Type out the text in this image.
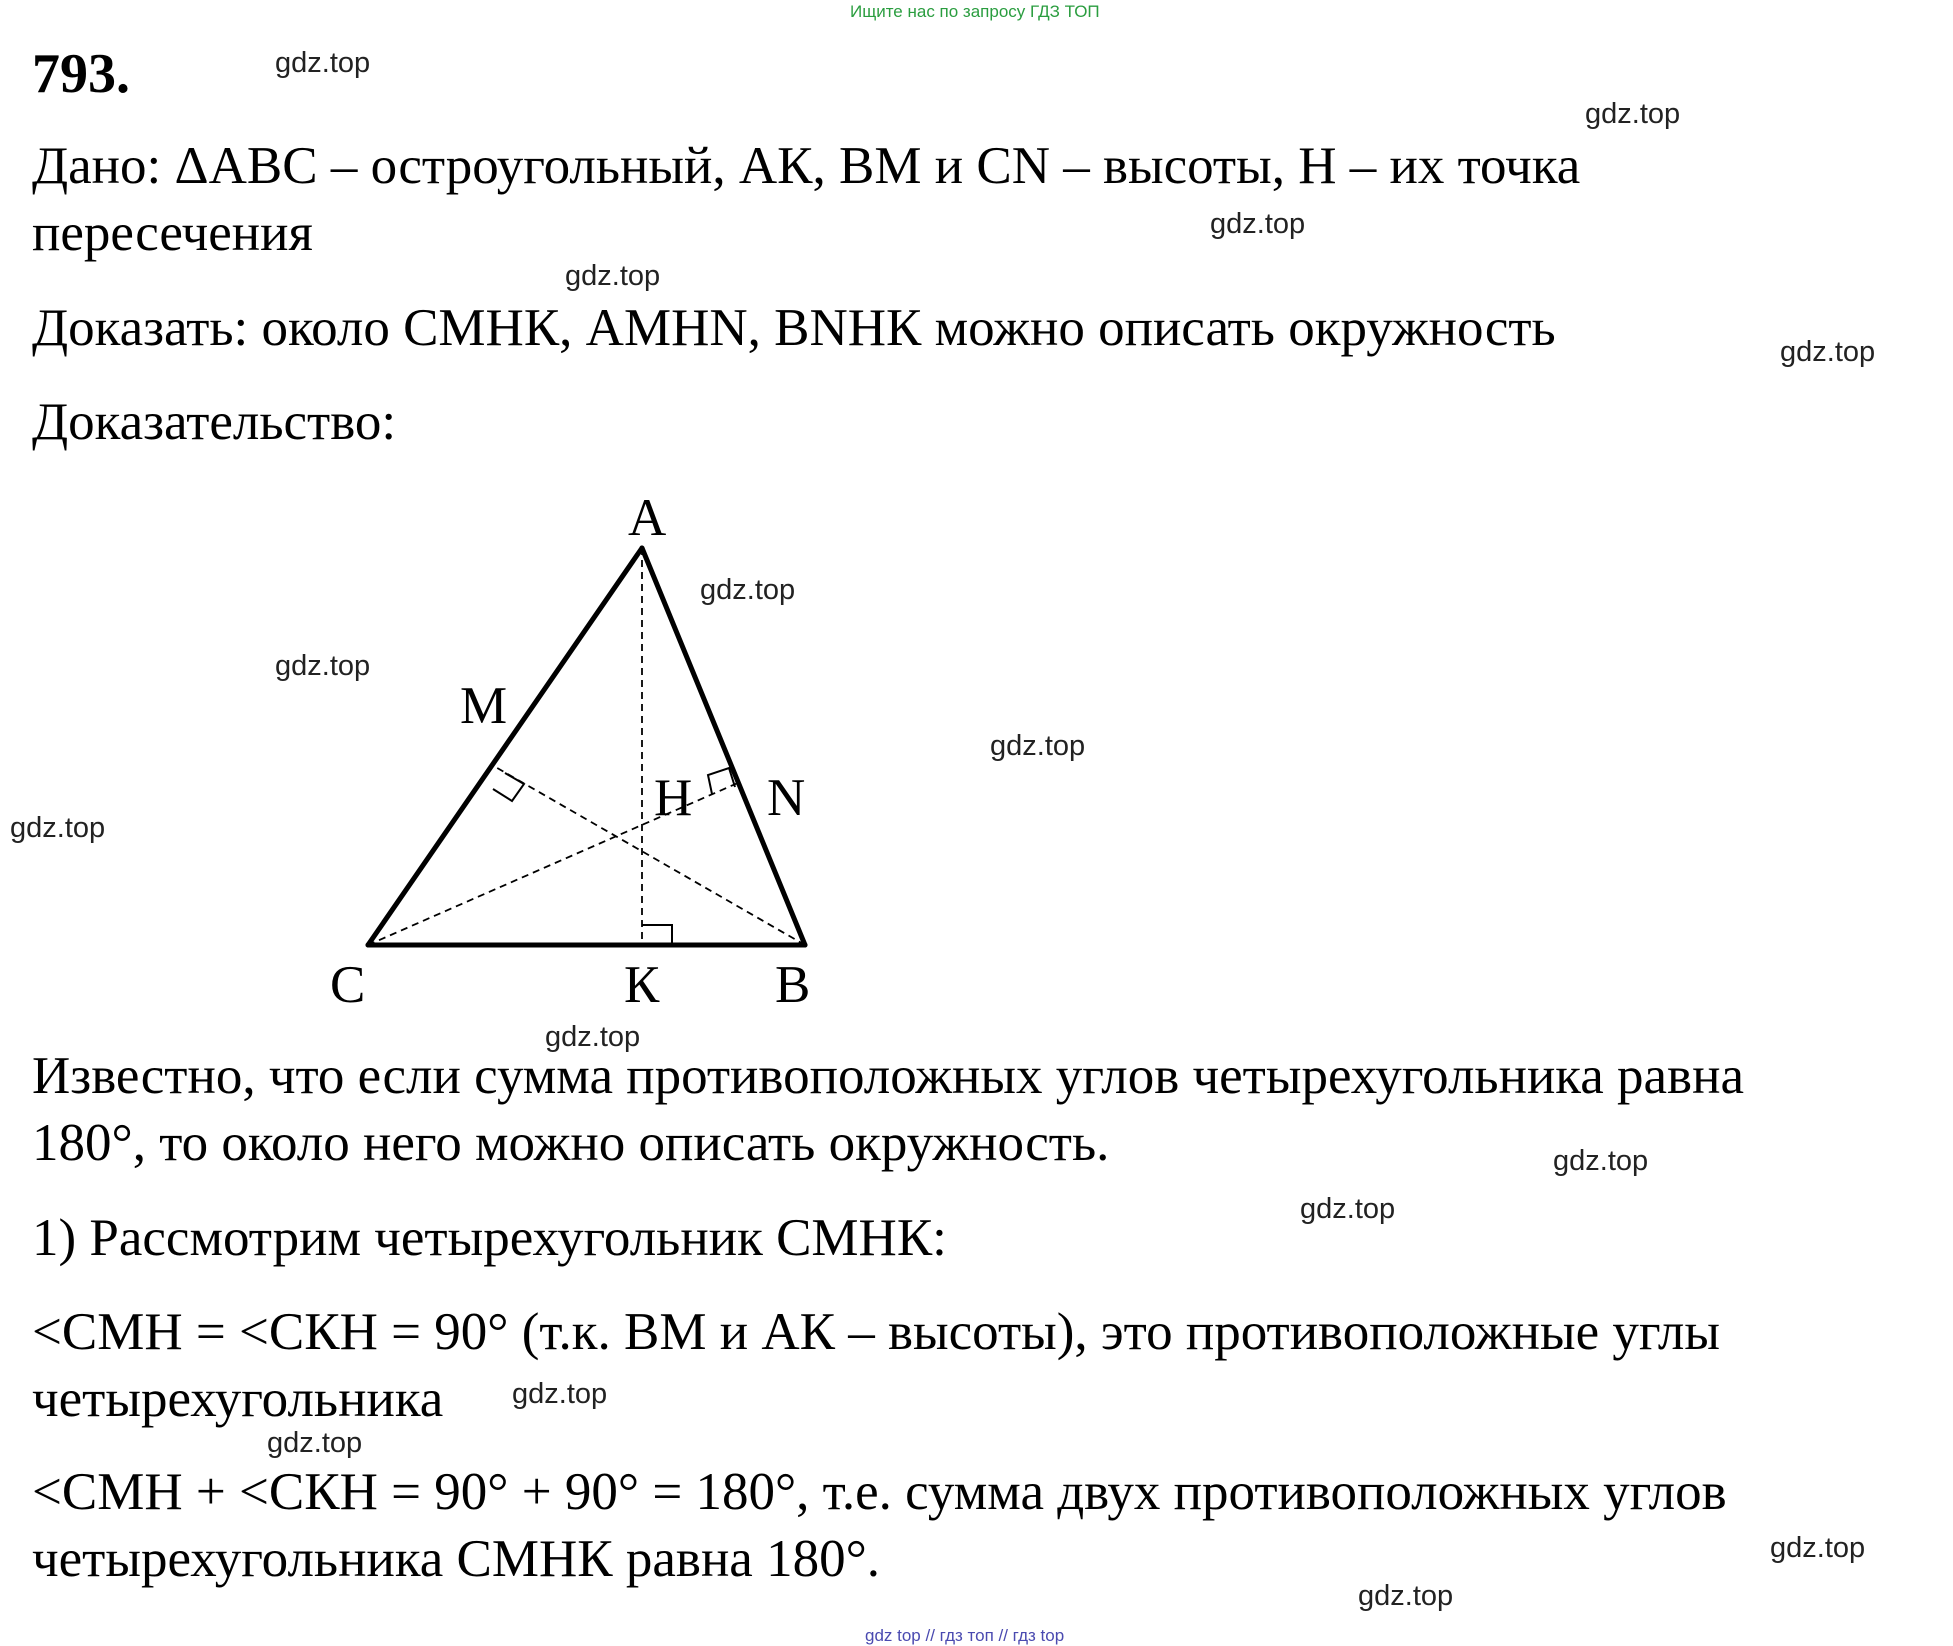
Ищите нас по запросу ГДЗ ТОП
793.
Дано: ΔАВС – остроугольный, АК, ВМ и СN – высоты, Н – их точка
пересечения
Доказать: около СМНК, АМНN, ВNНК можно описать окружность
Доказательство:
A
M
H N
C	К B
Известно, что если сумма противоположных углов четырехугольника равна
180°, то около него можно описать окружность.
1) Рассмотрим четырехугольник СМНК:
<СМН = <СКН = 90° (т.к. ВМ и АК – высоты), это противоположные углы
четырехугольника
<СМН + <СКН = 90° + 90° = 180°, т.е. сумма двух противоположных углов
четырехугольника СМНК равна 180°.
gdz.top
gdz.top
gdz.top
gdz.top
gdz.top
gdz.top
gdz.top
gdz.top
gdz.top
gdz.top
gdz.top
gdz.top
gdz.top
gdz.top
gdz.top
gdz.top
gdz top // гдз топ // гдз top
